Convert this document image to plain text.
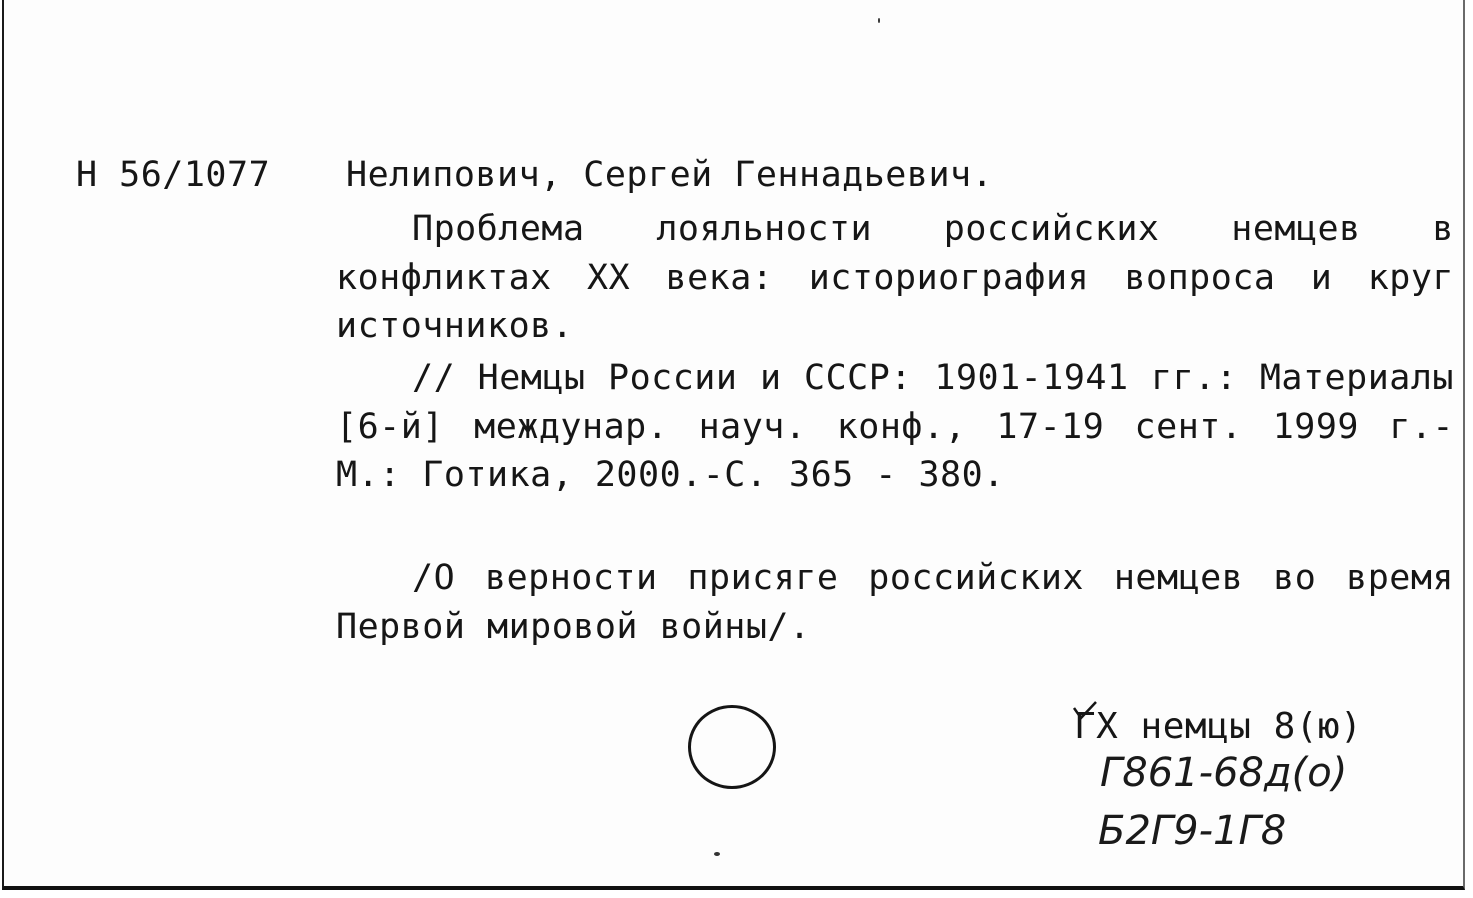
Н 56/1077 Нелипович, Сергей Геннадьевич.
Проблема лояльности российских немцев в конфликтах XX века: историография вопроса и круг источников.
// Немцы России и СССР: 1901-1941 гг.: Материалы [6-й] междунар. науч. конф., 17-19 сент. 1999 г.- М.: Готика, 2000.-С. 365 - 380.
/О верности присяге российских немцев во время Первой мировой войны/.
ГХ немцы 8(ю)
Г861-68д(о)
Б2Г9-1Г8
